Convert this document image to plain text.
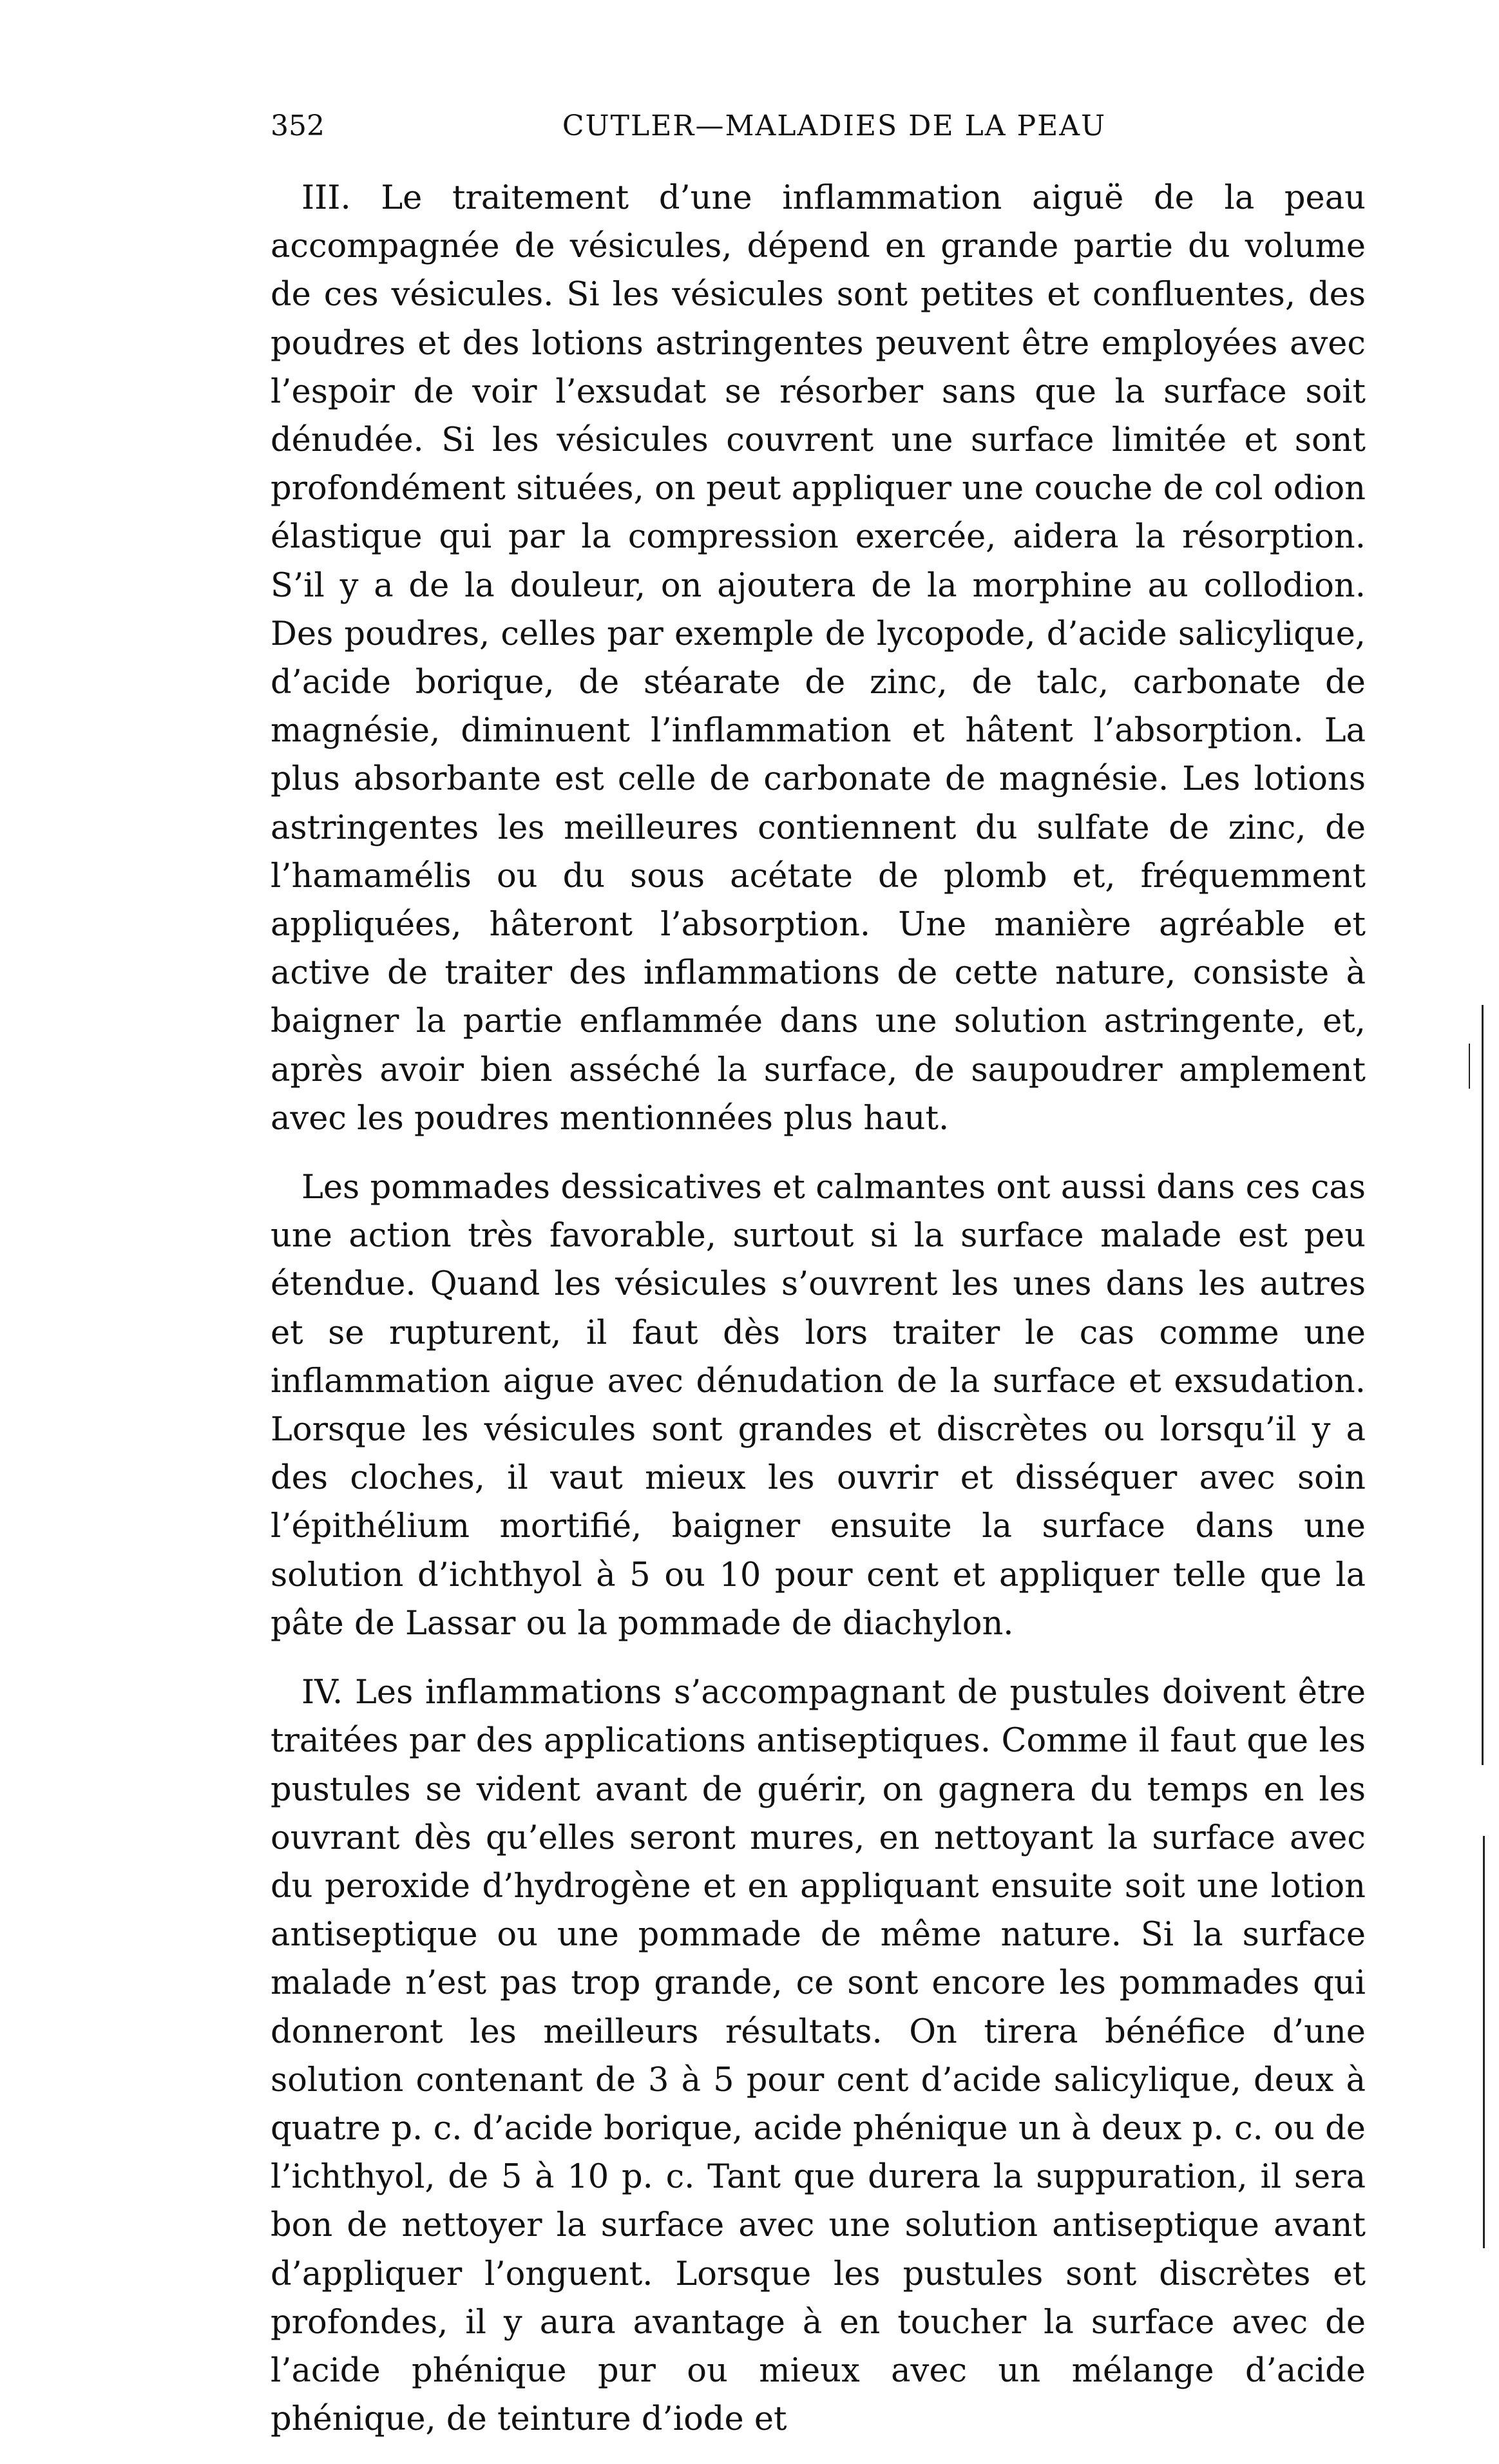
352	CUTLER—MALADIES DE LA PEAU

III. Le traitement d’une inflammation aiguë de la peau accompagnée de vésicules, dépend en grande partie du volume de ces vésicules. Si les vésicules sont petites et confluentes, des poudres et des lotions astringentes peuvent être employées avec l’espoir de voir l’exsudat se résorber sans que la surface soit dénudée. Si les vésicules couvrent une surface limitée et sont profondément situées, on peut appliquer une couche de col odion élastique qui par la compression exercée, aidera la résorption. S’il y a de la douleur, on ajoutera de la morphine au collodion. Des poudres, celles par exemple de lycopode, d’acide salicylique, d’acide borique, de stéarate de zinc, de talc, carbonate de magnésie, diminuent l’inflammation et hâtent l’absorption. La plus absorbante est celle de carbonate de magnésie. Les lotions astringentes les meilleures contiennent du sulfate de zinc, de l’hamamélis ou du sous acétate de plomb et, fréquemment appliquées, hâteront l’absorption. Une manière agréable et active de traiter des inflammations de cette nature, consiste à baigner la partie enflammée dans une solution astringente, et, après avoir bien asséché la surface, de saupoudrer amplement avec les poudres mentionnées plus haut.

Les pommades dessicatives et calmantes ont aussi dans ces cas une action très favorable, surtout si la surface malade est peu étendue. Quand les vésicules s’ouvrent les unes dans les autres et se rupturent, il faut dès lors traiter le cas comme une inflammation aigue avec dénudation de la surface et exsudation. Lorsque les vésicules sont grandes et discrètes ou lorsqu’il y a des cloches, il vaut mieux les ouvrir et disséquer avec soin l’épithélium mortifié, baigner ensuite la surface dans une solution d’ichthyol à 5 ou 10 pour cent et appliquer telle que la pâte de Lassar ou la pommade de diachylon.

IV. Les inflammations s’accompagnant de pustules doivent être traitées par des applications antiseptiques. Comme il faut que les pustules se vident avant de guérir, on gagnera du temps en les ouvrant dès qu’elles seront mures, en nettoyant la surface avec du peroxide d’hydrogène et en appliquant ensuite soit une lotion antiseptique ou une pommade de même nature. Si la surface malade n’est pas trop grande, ce sont encore les pommades qui donneront les meilleurs résultats. On tirera bénéfice d’une solution contenant de 3 à 5 pour cent d’acide salicylique, deux à quatre p. c. d’acide borique, acide phénique un à deux p. c. ou de l’ichthyol, de 5 à 10 p. c. Tant que durera la suppuration, il sera bon de nettoyer la surface avec une solution antiseptique avant d’appliquer l’onguent. Lorsque les pustules sont discrètes et profondes, il y aura avantage à en toucher la surface avec de l’acide phénique pur ou mieux avec un mélange d’acide phénique, de teinture d’iode et
